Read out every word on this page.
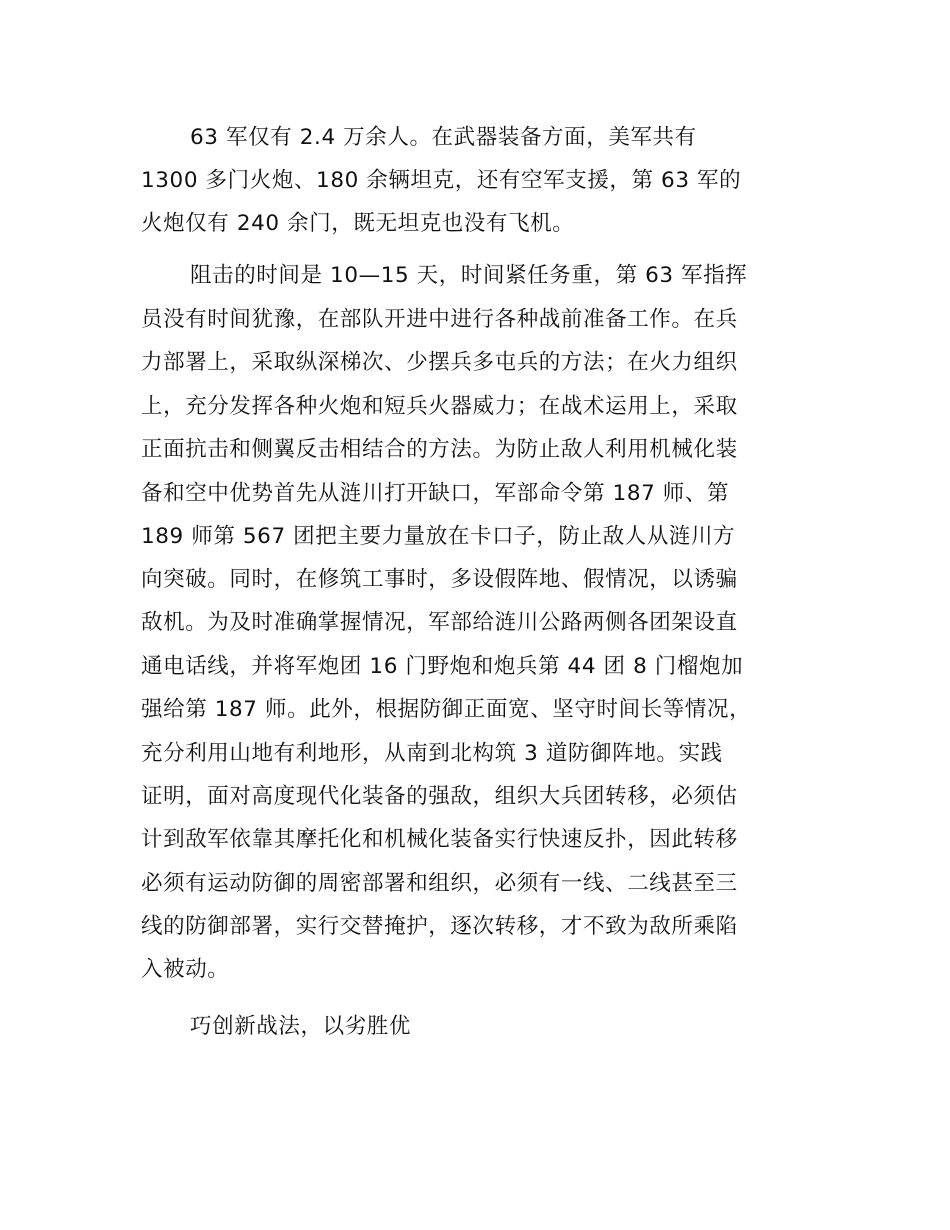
63 军仅有 2.4 万余人。在武器装备方面，美军共有
1300 多门火炮、180 余辆坦克，还有空军支援，第 63 军的
火炮仅有 240 余门，既无坦克也没有飞机。
阻击的时间是 10—15 天，时间紧任务重，第 63 军指挥
员没有时间犹豫，在部队开进中进行各种战前准备工作。在兵
力部署上，采取纵深梯次、少摆兵多屯兵的方法；在火力组织
上，充分发挥各种火炮和短兵火器威力；在战术运用上，采取
正面抗击和侧翼反击相结合的方法。为防止敌人利用机械化装
备和空中优势首先从涟川打开缺口，军部命令第 187 师、第
189 师第 567 团把主要力量放在卡口子，防止敌人从涟川方
向突破。同时，在修筑工事时，多设假阵地、假情况，以诱骗
敌机。为及时准确掌握情况，军部给涟川公路两侧各团架设直
通电话线，并将军炮团 16 门野炮和炮兵第 44 团 8 门榴炮加
强给第 187 师。此外，根据防御正面宽、坚守时间长等情况，
充分利用山地有利地形，从南到北构筑 3 道防御阵地。实践
证明，面对高度现代化装备的强敌，组织大兵团转移，必须估
计到敌军依靠其摩托化和机械化装备实行快速反扑，因此转移
必须有运动防御的周密部署和组织，必须有一线、二线甚至三
线的防御部署，实行交替掩护，逐次转移，才不致为敌所乘陷
入被动。
巧创新战法，以劣胜优
